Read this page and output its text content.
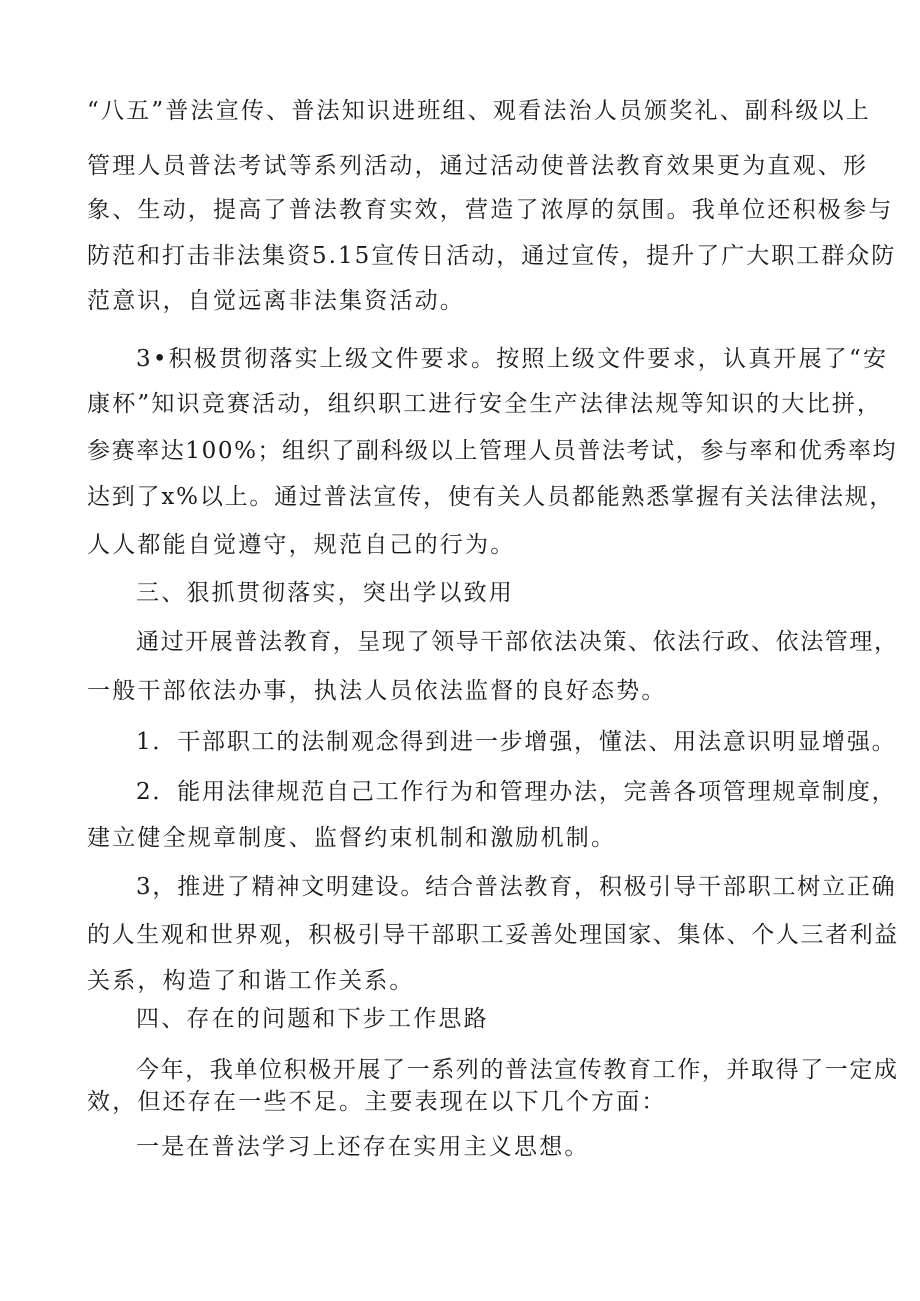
“八五”普法宣传、普法知识进班组、观看法治人员颁奖礼、副科级以上
管理人员普法考试等系列活动，通过活动使普法教育效果更为直观、形
象、生动，提高了普法教育实效，营造了浓厚的氛围。我单位还积极参与
防范和打击非法集资5.15宣传日活动，通过宣传，提升了广大职工群众防
范意识，自觉远离非法集资活动。
3•积极贯彻落实上级文件要求。按照上级文件要求，认真开展了“安
康杯”知识竞赛活动，组织职工进行安全生产法律法规等知识的大比拼，
参赛率达100%；组织了副科级以上管理人员普法考试，参与率和优秀率均
达到了x%以上。通过普法宣传，使有关人员都能熟悉掌握有关法律法规，
人人都能自觉遵守，规范自己的行为。
三、狠抓贯彻落实，突出学以致用
通过开展普法教育，呈现了领导干部依法决策、依法行政、依法管理，
一般干部依法办事，执法人员依法监督的良好态势。
1．干部职工的法制观念得到进一步增强，懂法、用法意识明显增强。
2．能用法律规范自己工作行为和管理办法，完善各项管理规章制度，
建立健全规章制度、监督约束机制和激励机制。
3，推进了精神文明建设。结合普法教育，积极引导干部职工树立正确
的人生观和世界观，积极引导干部职工妥善处理国家、集体、个人三者利益
关系，构造了和谐工作关系。
四、存在的问题和下步工作思路
今年，我单位积极开展了一系列的普法宣传教育工作，并取得了一定成
效，但还存在一些不足。主要表现在以下几个方面：
一是在普法学习上还存在实用主义思想。
